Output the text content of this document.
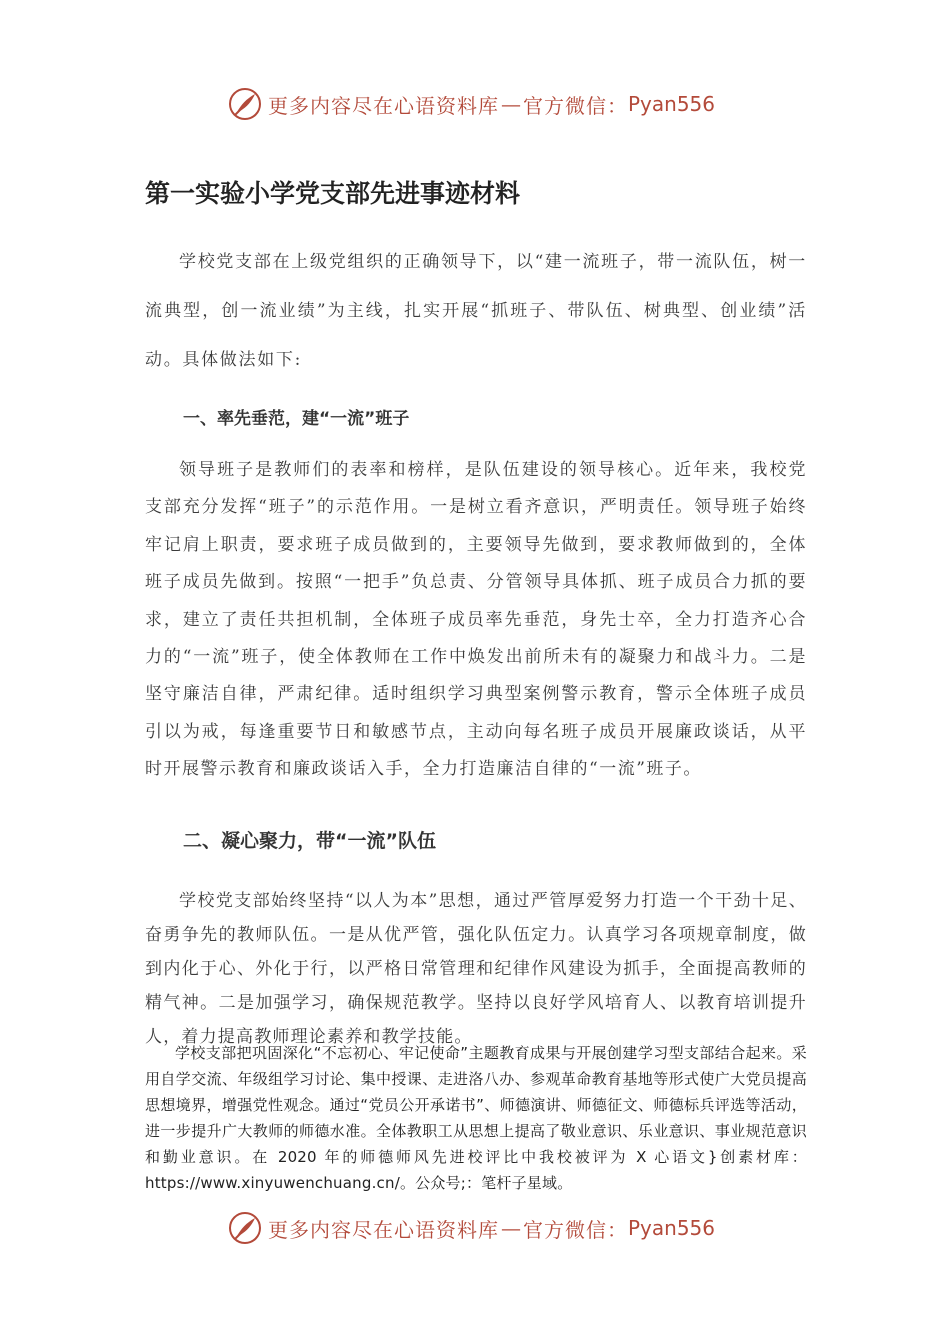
更多内容尽在心语资料库 — 官方微信： Pyan556
第一实验小学党支部先进事迹材料

学校党支部在上级党组织的正确领导下，以“建一流班子，带一流队伍，树一流典型，创一流业绩”为主线，扎实开展“抓班子、带队伍、树典型、创业绩”活动。具体做法如下:

一、率先垂范，建“一流”班子

领导班子是教师们的表率和榜样，是队伍建设的领导核心。近年来，我校党支部充分发挥“班子”的示范作用。一是树立看齐意识，严明责任。领导班子始终牢记肩上职责，要求班子成员做到的，主要领导先做到，要求教师做到的，全体班子成员先做到。按照“一把手”负总责、分管领导具体抓、班子成员合力抓的要求，建立了责任共担机制，全体班子成员率先垂范，身先士卒，全力打造齐心合力的“一流”班子，使全体教师在工作中焕发出前所未有的凝聚力和战斗力。二是坚守廉洁自律，严肃纪律。适时组织学习典型案例警示教育，警示全体班子成员引以为戒，每逢重要节日和敏感节点，主动向每名班子成员开展廉政谈话，从平时开展警示教育和廉政谈话入手，全力打造廉洁自律的“一流”班子。

二、凝心聚力，带“一流”队伍

学校党支部始终坚持“以人为本”思想，通过严管厚爱努力打造一个干劲十足、奋勇争先的教师队伍。一是从优严管，强化队伍定力。认真学习各项规章制度，做到内化于心、外化于行，以严格日常管理和纪律作风建设为抓手，全面提高教师的精气神。二是加强学习，确保规范教学。坚持以良好学风培育人、以教育培训提升人，着力提高教师理论素养和教学技能。

学校支部把巩固深化“不忘初心、牢记使命”主题教育成果与开展创建学习型支部结合起来。采用自学交流、年级组学习讨论、集中授课、走进洛八办、参观革命教育基地等形式使广大党员提高思想境界，增强党性观念。通过“党员公开承诺书”、师德演讲、师德征文、师德标兵评选等活动，进一步提升广大教师的师德水准。全体教职工从思想上提高了敬业意识、乐业意识、事业规范意识和勤业意识。在 2020 年的师德师风先进校评比中我校被评为 X 心语文}创素材库：https://www.xinyuwenchuang.cn/。公众号;：笔杆子星域。

更多内容尽在心语资料库 — 官方微信： Pyan556
